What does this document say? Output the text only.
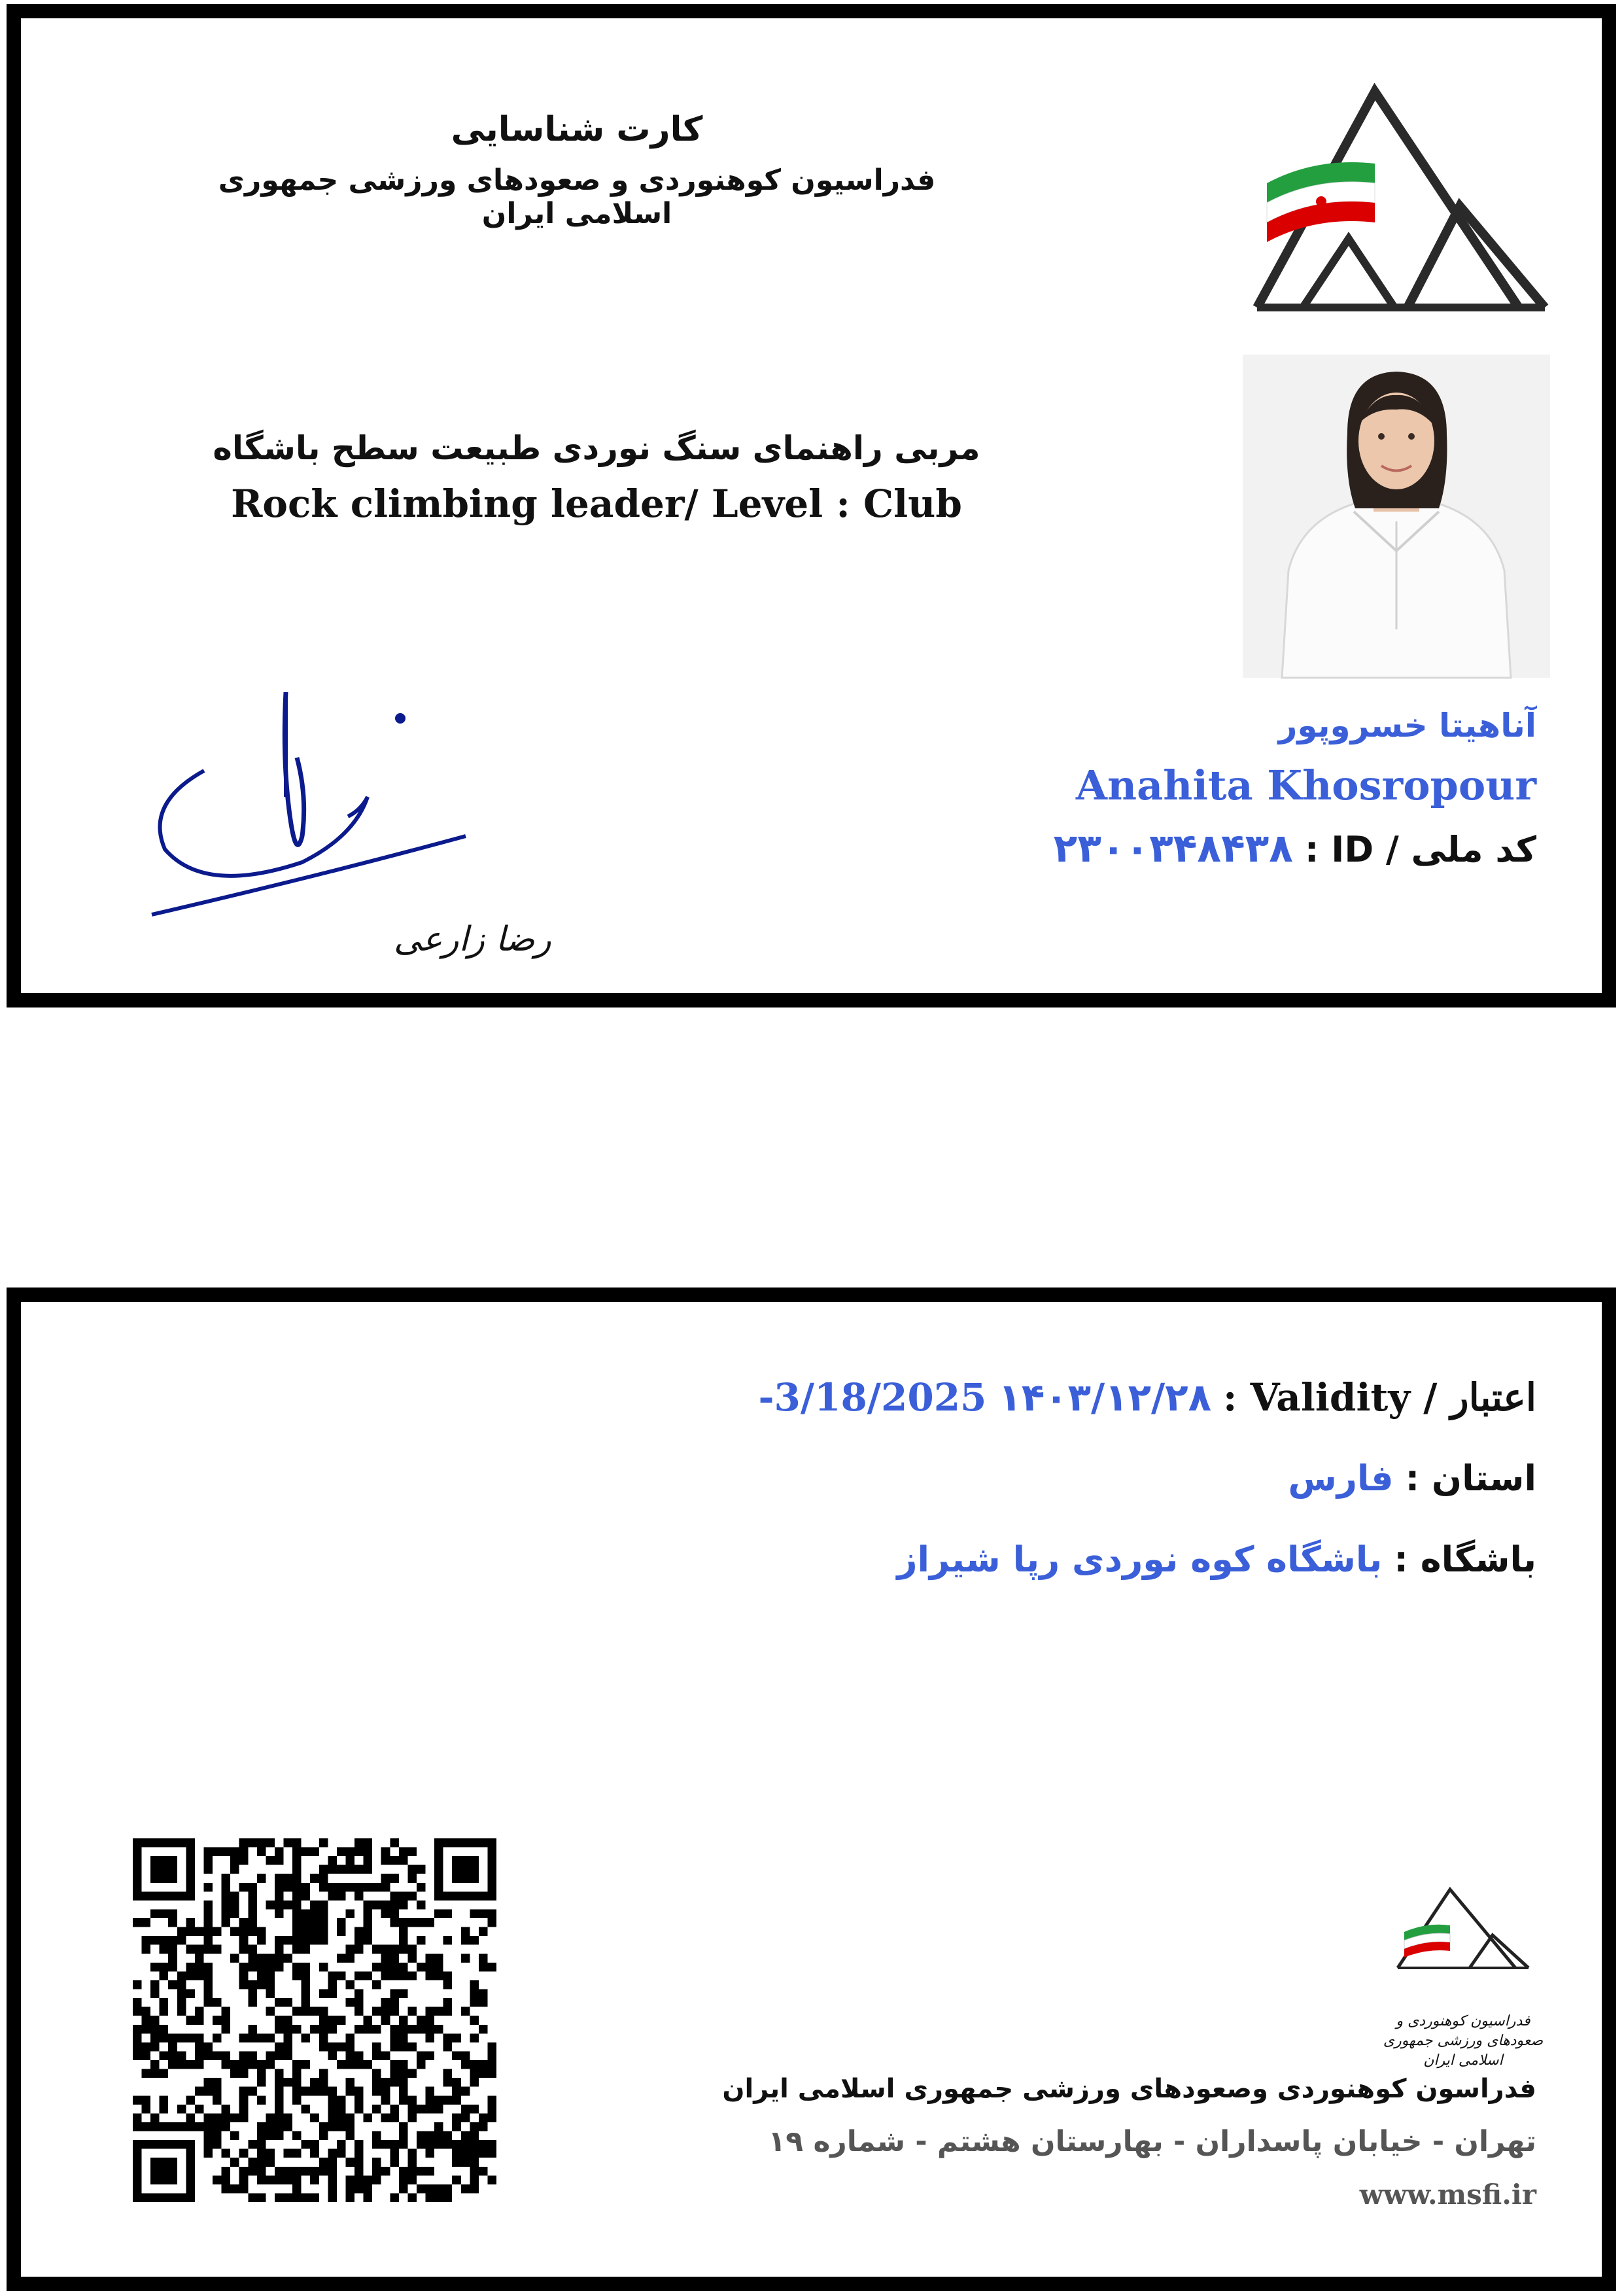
کارت شناسایی
فدراسیون کوهنوردی و صعودهای ورزشی جمهوری اسلامی ایران
مربی راهنمای سنگ نوردی طبیعت سطح باشگاه
Rock climbing leader/ Level : Club
آناهیتا خسروپور
Anahita Khosropour
کد ملی / ID :
۲۳۰۰۳۴۸۴۳۸
رضا زارعی
اعتبار / Validity :
۱۴۰۳/۱۲/۲۸
3/18/2025-
استان :
فارس
باشگاه :
باشگاه کوه نوردی رپا شیراز
فدراسیون کوهنوردی و صعودهای ورزشی جمهوری اسلامی ایران
فدراسون کوهنوردی وصعودهای ورزشی جمهوری اسلامی ایران
تهران - خیابان پاسداران - بهارستان هشتم - شماره ۱۹
www.msfi.ir
